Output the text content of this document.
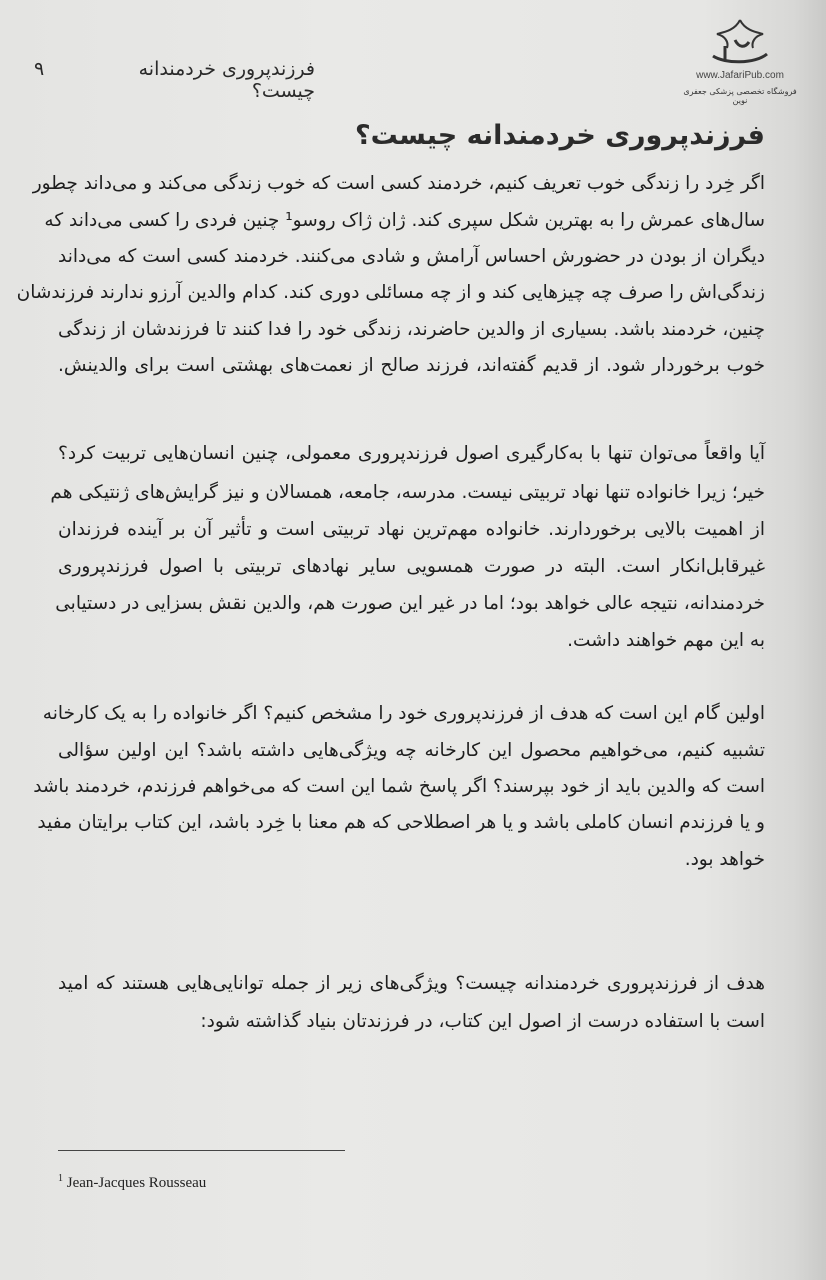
www.JafariPub.com
فروشگاه تخصصی پزشکی جعفری نوین
٩	فرزندپروری خردمندانه چیست؟
فرزندپروری خردمندانه چیست؟
اگر خِرد را زندگی خوب تعریف کنیم، خردمند کسی است که خوب زندگی می‌کند و می‌داند چطور
سال‌های عمرش را به بهترین شکل سپری کند. ژان ژاک روسو¹ چنین فردی را کسی می‌داند که
دیگران از بودن در حضورش احساس آرامش و شادی می‌کنند. خردمند کسی است که می‌داند
زندگی‌اش را صرف چه چیزهایی کند و از چه مسائلی دوری کند. کدام والدین آرزو ندارند فرزندشان
چنین، خردمند باشد. بسیاری از والدین حاضرند، زندگی خود را فدا کنند تا فرزندشان از زندگی
خوب برخوردار شود. از قدیم گفته‌اند، فرزند صالح از نعمت‌های بهشتی است برای والدینش.
آیا واقعاً می‌توان تنها با به‌کارگیری اصول فرزندپروری معمولی، چنین انسان‌هایی تربیت کرد؟
خیر؛ زیرا خانواده تنها نهاد تربیتی نیست. مدرسه، جامعه، همسالان و نیز گرایش‌های ژنتیکی هم
از اهمیت بالایی برخوردارند. خانواده مهم‌ترین نهاد تربیتی است و تأثیر آن بر آینده فرزندان
غیرقابل‌انکار است. البته در صورت همسویی سایر نهادهای تربیتی با اصول فرزندپروری
خردمندانه، نتیجه عالی خواهد بود؛ اما در غیر این صورت هم، والدین نقش بسزایی در دستیابی
به این مهم خواهند داشت.
اولین گام این است که هدف از فرزندپروری خود را مشخص کنیم؟ اگر خانواده را به یک کارخانه
تشبیه کنیم، می‌خواهیم محصول این کارخانه چه ویژگی‌هایی داشته باشد؟ این اولین سؤالی
است که والدین باید از خود بپرسند؟ اگر پاسخ شما این است که می‌خواهم فرزندم، خردمند باشد
و یا فرزندم انسان کاملی باشد و یا هر اصطلاحی که هم معنا با خِرد باشد، این کتاب برایتان مفید
خواهد بود.
هدف از فرزندپروری خردمندانه چیست؟ ویژگی‌های زیر از جمله توانایی‌هایی هستند که امید
است با استفاده درست از اصول این کتاب، در فرزندتان بنیاد گذاشته شود:
$^1$ Jean-Jacques Rousseau
